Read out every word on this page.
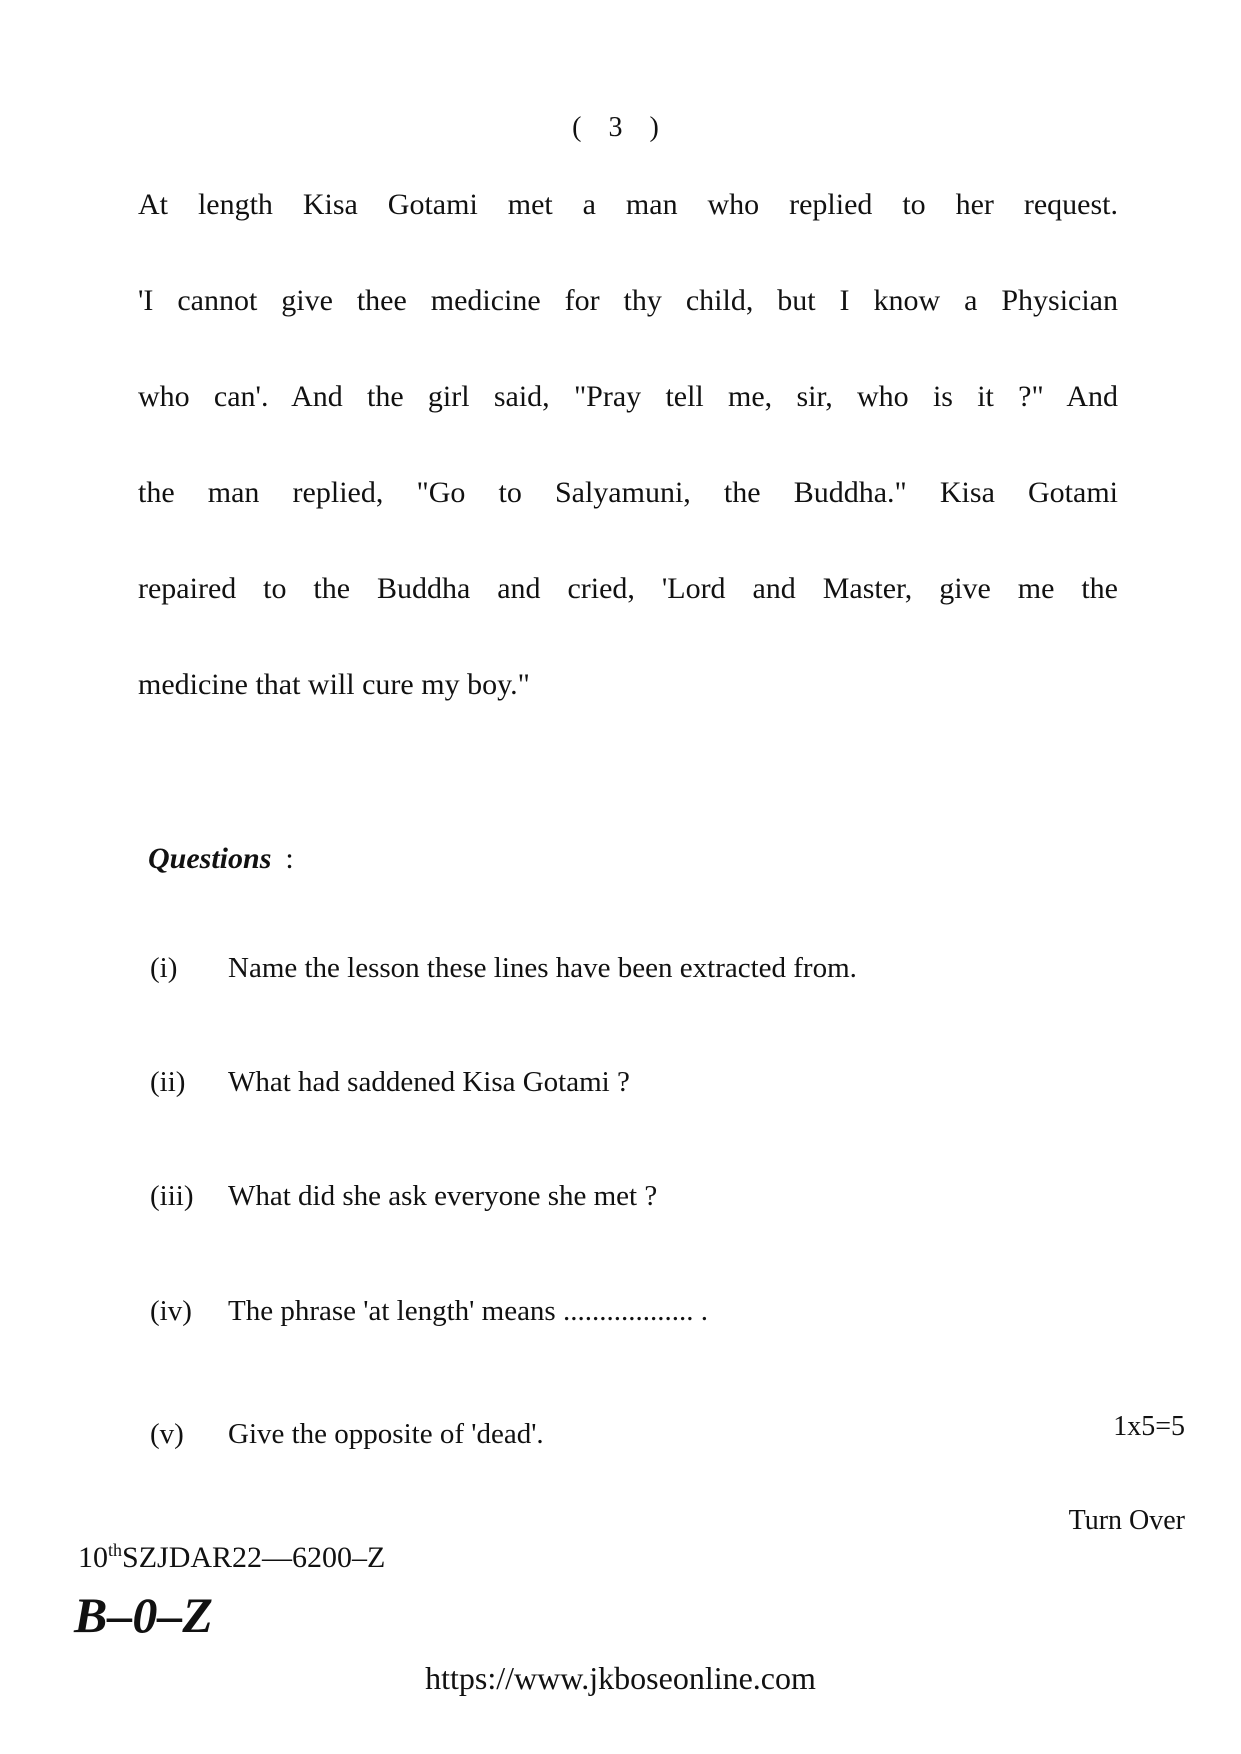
( 3 )
At length Kisa Gotami met a man who replied to her request.
'I cannot give thee medicine for thy child, but I know a Physician
who can'. And the girl said, "Pray tell me, sir, who is it ?" And
the man replied, "Go to Salyamuni, the Buddha." Kisa Gotami
repaired to the Buddha and cried, 'Lord and Master, give me the
medicine that will cure my boy."
Questions :
(i) Name the lesson these lines have been extracted from.
(ii) What had saddened Kisa Gotami ?
(iii) What did she ask everyone she met ?
(iv) The phrase 'at length' means .................. .
(v) Give the opposite of 'dead'.	1x5=5
Turn Over
10thSZJDAR22—6200–Z
B–0–Z
https://www.jkboseonline.com
